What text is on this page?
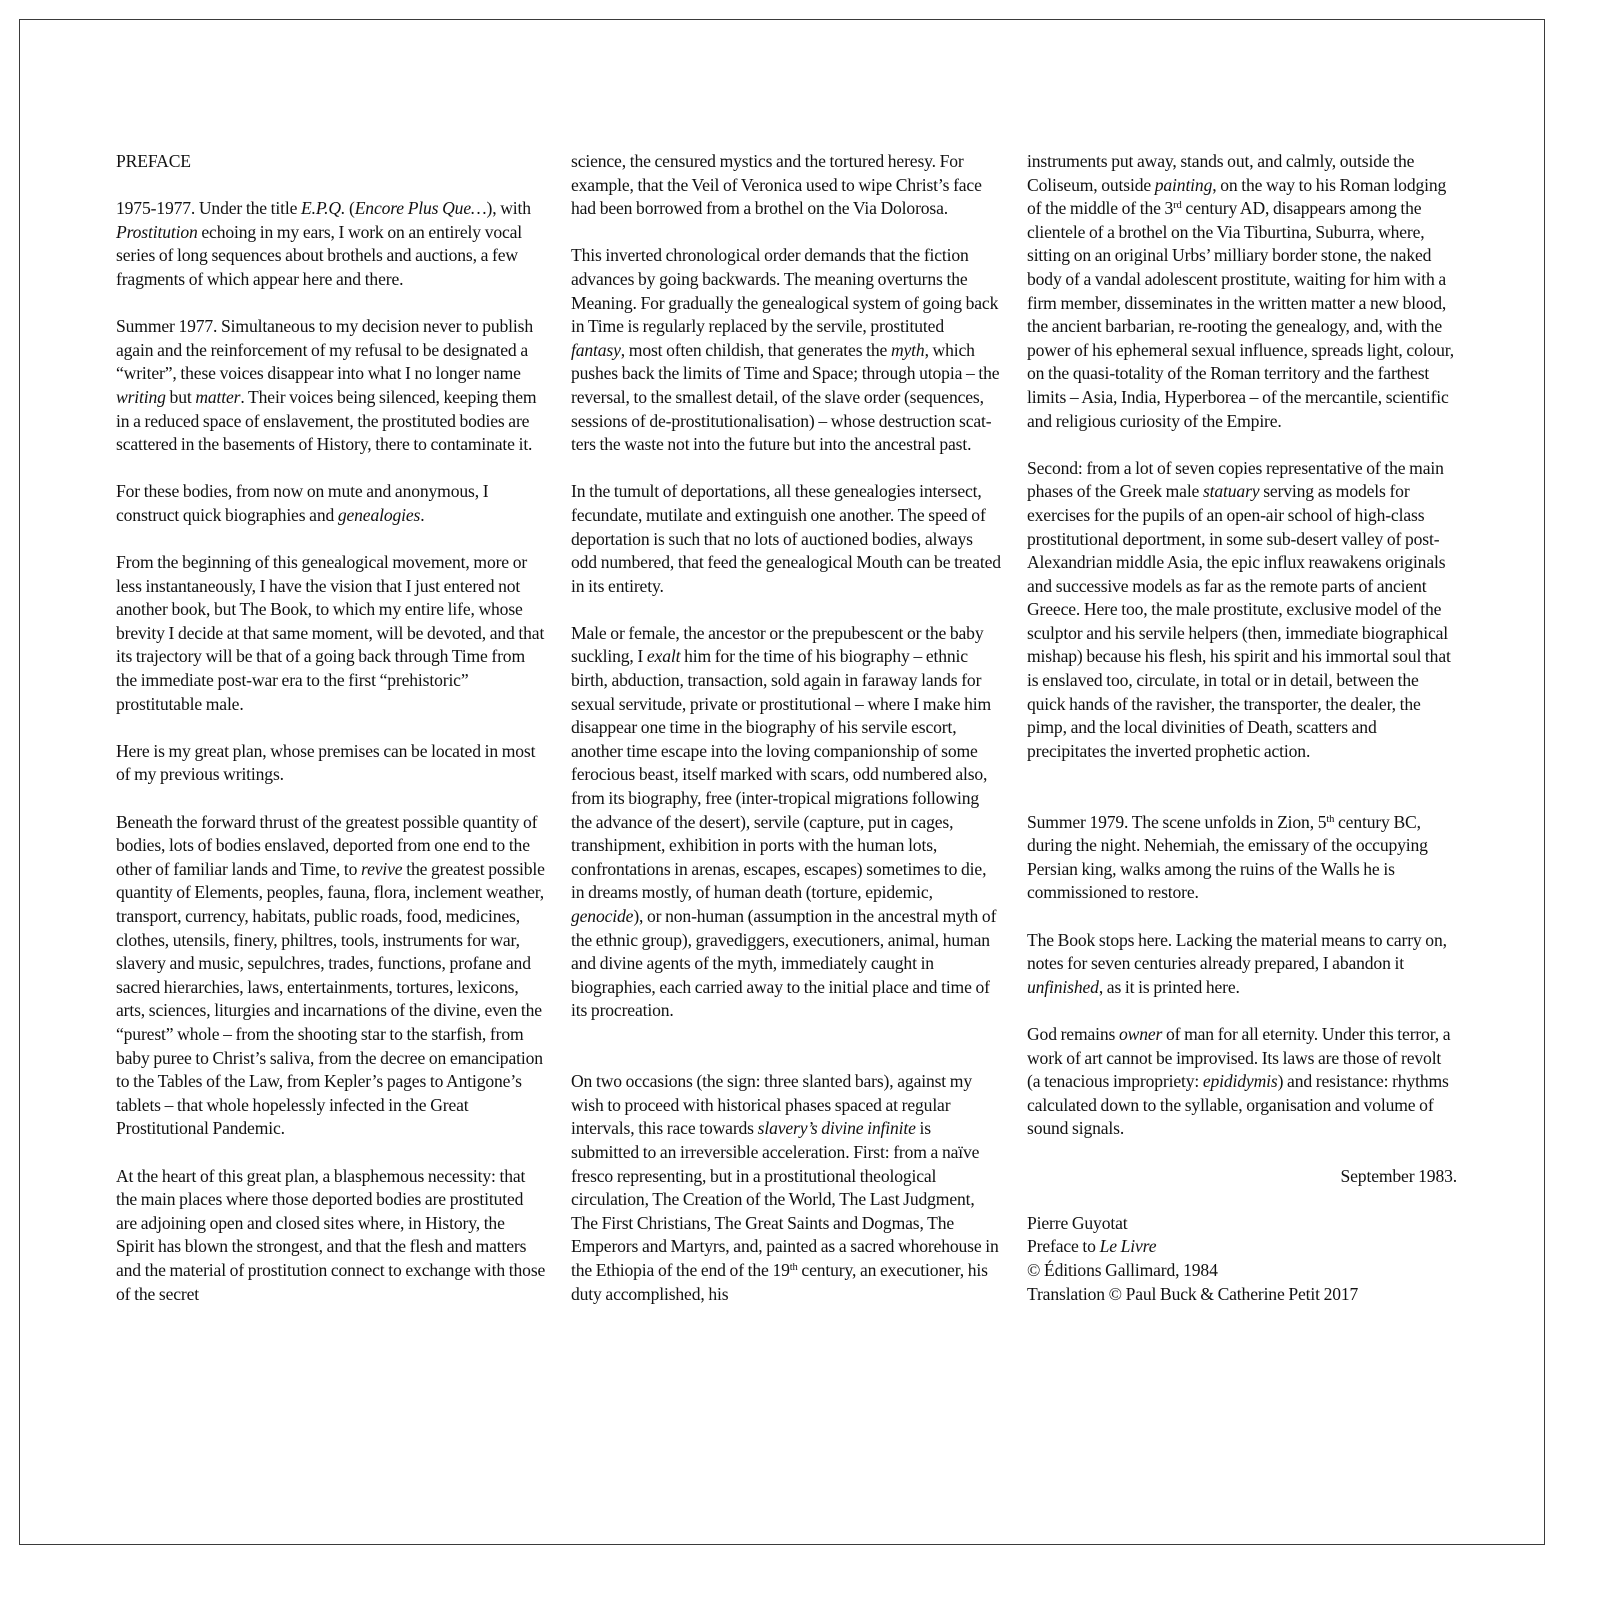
PREFACE

1975-1977. Under the title E.P.Q. (Encore Plus Que…), with Prostitution echoing in my ears, I work on an entirely vocal series of long sequences about brothels and auctions, a few fragments of which appear here and there.

Summer 1977. Simultaneous to my decision never to publish again and the reinforcement of my refusal to be designated a “writer”, these voices disappear into what I no longer name writing but matter. Their voices being silenced, keeping them in a reduced space of enslavement, the prostituted bodies are scattered in the basements of History, there to contaminate it.

For these bodies, from now on mute and anonymous, I construct quick biographies and genealogies.

From the beginning of this genealogical movement, more or less instantaneously, I have the vision that I just entered not another book, but The Book, to which my entire life, whose brevity I decide at that same moment, will be devoted, and that its trajectory will be that of a going back through Time from the immediate post-war era to the first “prehistoric” prostitutable male.

Here is my great plan, whose premises can be located in most of my previous writings.

Beneath the forward thrust of the greatest possible quantity of bodies, lots of bodies enslaved, deported from one end to the other of familiar lands and Time, to revive the greatest possible quantity of Elements, peoples, fauna, flora, inclement weather, transport, currency, habitats, public roads, food, medicines, clothes, utensils, finery, philtres, tools, instruments for war, slavery and music, sepulchres, trades, functions, profane and sacred hierarchies, laws, entertainments, tortures, lexicons, arts, sciences, liturgies and incarnations of the divine, even the “purest” whole – from the shooting star to the starfish, from baby puree to Christ’s saliva, from the decree on emancipation to the Tables of the Law, from Kepler’s pages to Antigone’s tablets – that whole hopelessly infected in the Great Prostitutional Pandemic.

At the heart of this great plan, a blasphemous necessity: that the main places where those deported bodies are prostituted are adjoining open and closed sites where, in History, the Spirit has blown the strongest, and that the flesh and matters and the material of prostitution connect to exchange with those of the secret

science, the censured mystics and the tortured heresy. For example, that the Veil of Veronica used to wipe Christ’s face had been borrowed from a brothel on the Via Dolorosa.

This inverted chronological order demands that the fiction advances by going backwards. The meaning overturns the Meaning. For gradually the genealogical system of going back in Time is regularly replaced by the servile, prostituted fantasy, most often childish, that generates the myth, which pushes back the limits of Time and Space; through utopia – the reversal, to the smallest detail, of the slave order (sequences, sessions of de-prostitutionalisation) – whose destruction scatters the waste not into the future but into the ancestral past.

In the tumult of deportations, all these genealogies intersect, fecundate, mutilate and extinguish one another. The speed of deportation is such that no lots of auctioned bodies, always odd numbered, that feed the genealogical Mouth can be treated in its entirety.

Male or female, the ancestor or the prepubescent or the baby suckling, I exalt him for the time of his biography – ethnic birth, abduction, transaction, sold again in faraway lands for sexual servitude, private or prostitutional – where I make him disappear one time in the biography of his servile escort, another time escape into the loving companionship of some ferocious beast, itself marked with scars, odd numbered also, from its biography, free (inter-tropical migrations following the advance of the desert), servile (capture, put in cages, transhipment, exhibition in ports with the human lots, confrontations in arenas, escapes, escapes) sometimes to die, in dreams mostly, of human death (torture, epidemic, genocide), or non-human (assumption in the ancestral myth of the ethnic group), gravediggers, executioners, animal, human and divine agents of the myth, immediately caught in biographies, each carried away to the initial place and time of its procreation.

On two occasions (the sign: three slanted bars), against my wish to proceed with historical phases spaced at regular intervals, this race towards slavery’s divine infinite is submitted to an irreversible acceleration. First: from a naïve fresco representing, but in a prostitutional theological circulation, The Creation of the World, The Last Judgment, The First Christians, The Great Saints and Dogmas, The Emperors and Martyrs, and, painted as a sacred whorehouse in the Ethiopia of the end of the 19th century, an executioner, his duty accomplished, his

instruments put away, stands out, and calmly, outside the Coliseum, outside painting, on the way to his Roman lodging of the middle of the 3rd century AD, disappears among the clientele of a brothel on the Via Tiburtina, Suburra, where, sitting on an original Urbs’ milliary border stone, the naked body of a vandal adolescent prostitute, waiting for him with a firm member, disseminates in the written matter a new blood, the ancient barbarian, re-rooting the genealogy, and, with the power of his ephemeral sexual influence, spreads light, colour, on the quasi-totality of the Roman territory and the farthest limits – Asia, India, Hyperborea – of the mercantile, scientific and religious curiosity of the Empire.

Second: from a lot of seven copies representative of the main phases of the Greek male statuary serving as models for exercises for the pupils of an open-air school of high-class prostitutional deportment, in some sub-desert valley of post-Alexandrian middle Asia, the epic influx reawakens originals and successive models as far as the remote parts of ancient Greece. Here too, the male prostitute, exclusive model of the sculptor and his servile helpers (then, immediate biographical mishap) because his flesh, his spirit and his immortal soul that is enslaved too, circulate, in total or in detail, between the quick hands of the ravisher, the transporter, the dealer, the pimp, and the local divinities of Death, scatters and precipitates the inverted prophetic action.

Summer 1979. The scene unfolds in Zion, 5th century BC, during the night. Nehemiah, the emissary of the occupying Persian king, walks among the ruins of the Walls he is commissioned to restore.

The Book stops here. Lacking the material means to carry on, notes for seven centuries already prepared, I abandon it unfinished, as it is printed here.

God remains owner of man for all eternity. Under this terror, a work of art cannot be improvised. Its laws are those of revolt (a tenacious impropriety: epididymis) and resistance: rhythms calculated down to the syllable, organisation and volume of sound signals.

September 1983.

Pierre Guyotat
Preface to Le Livre
© Éditions Gallimard, 1984
Translation © Paul Buck & Catherine Petit 2017
